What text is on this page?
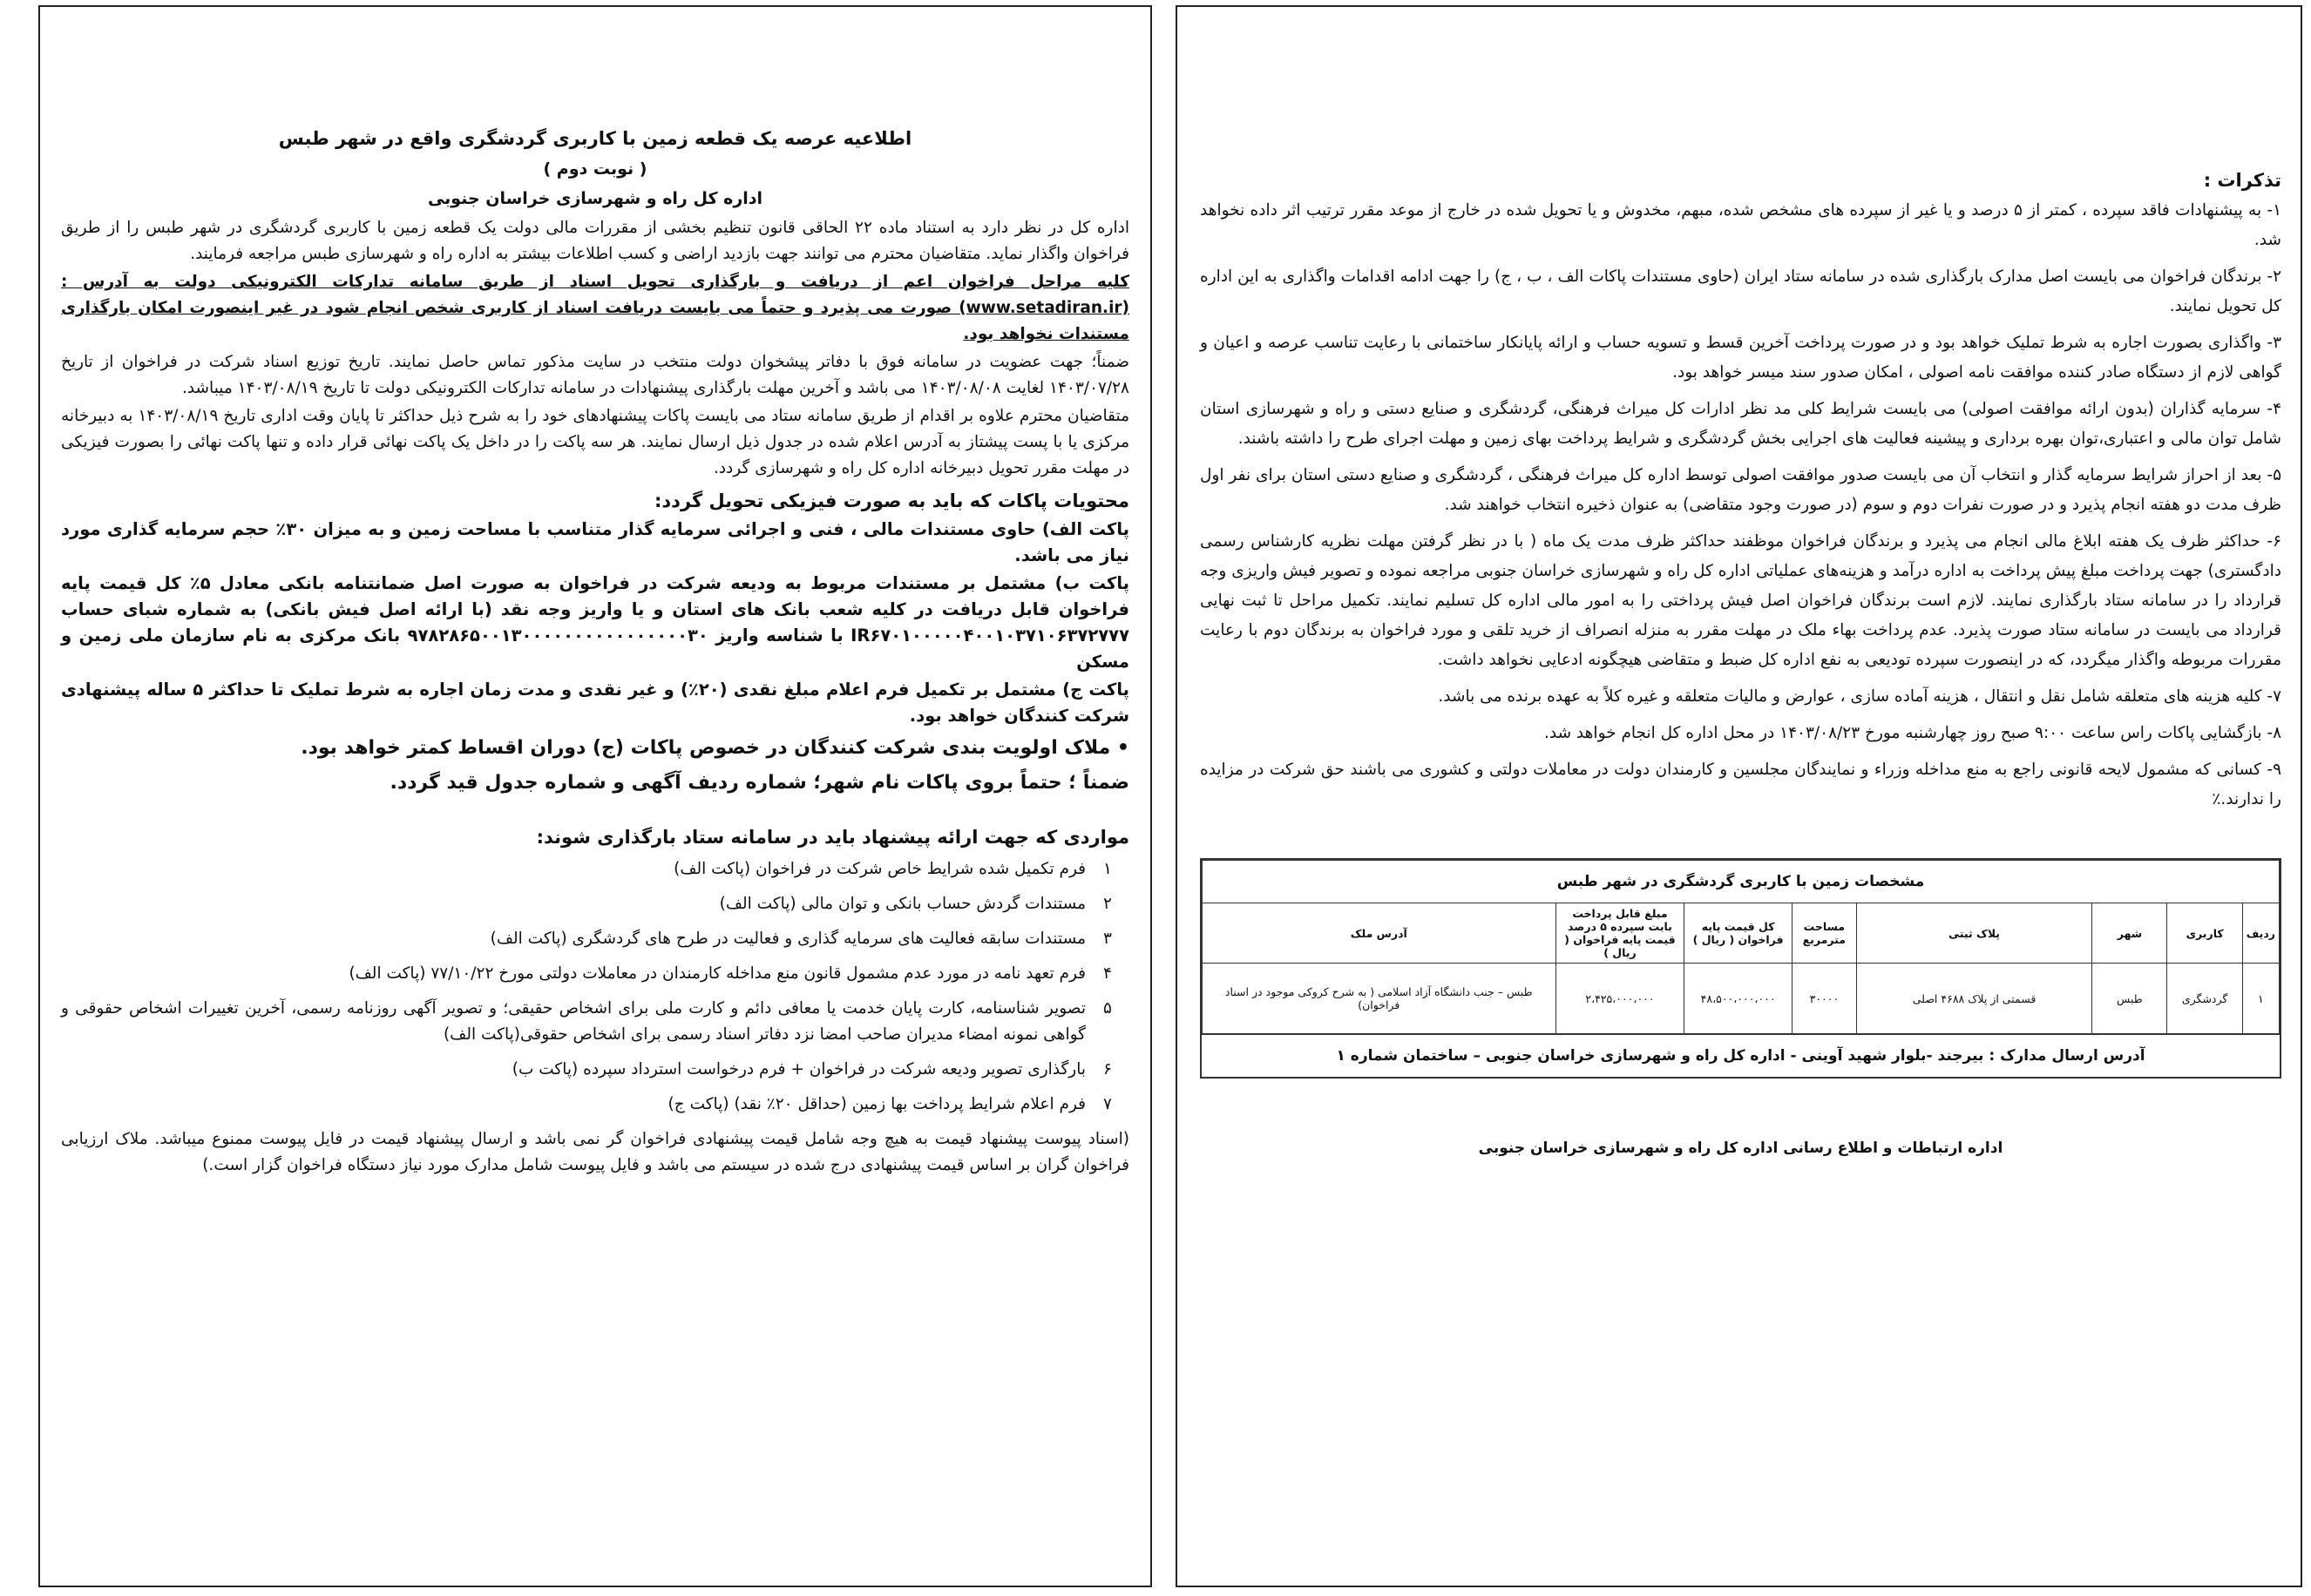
تذکرات :

۱- به پیشنهادات فاقد سپرده ، کمتر از ۵ درصد و یا غیر از سپرده های مشخص شده، مبهم، مخدوش و یا تحویل شده در خارج از موعد مقرر ترتیب اثر داده نخواهد شد.

۲- برندگان فراخوان می بایست اصل مدارک بارگذاری شده در سامانه ستاد ایران (حاوی مستندات پاکات الف ، ب ، ج) را جهت ادامه اقدامات واگذاری به این اداره کل تحویل نمایند.

۳- واگذاری بصورت اجاره به شرط تملیک خواهد بود و در صورت پرداخت آخرین قسط و تسویه حساب و ارائه پایانکار ساختمانی با رعایت تناسب عرصه و اعیان و گواهی لازم از دستگاه صادر کننده موافقت نامه اصولی ، امکان صدور سند میسر خواهد بود.

۴- سرمایه گذاران (بدون ارائه موافقت اصولی) می بایست شرایط کلی مد نظر ادارات کل میراث فرهنگی، گردشگری و صنایع دستی و راه و شهرسازی استان شامل توان مالی و اعتباری،توان بهره برداری و پیشینه فعالیت های اجرایی بخش گردشگری و شرایط پرداخت بهای زمین و مهلت اجرای طرح را داشته باشند.

۵- بعد از احراز شرایط سرمایه گذار و انتخاب آن می بایست صدور موافقت اصولی توسط اداره کل میراث فرهنگی ، گردشگری و صنایع دستی استان برای نفر اول ظرف مدت دو هفته انجام پذیرد و در صورت نفرات دوم و سوم (در صورت وجود متقاضی) به عنوان ذخیره انتخاب خواهند شد.

۶- حداکثر ظرف یک هفته ابلاغ مالی انجام می پذیرد و برندگان فراخوان موظفند حداکثر ظرف مدت یک ماه ( با در نظر گرفتن مهلت نظریه کارشناس رسمی دادگستری) جهت پرداخت مبلغ پیش پرداخت به اداره درآمد و هزینه‌های عملیاتی اداره کل راه و شهرسازی خراسان جنوبی مراجعه نموده و تصویر فیش واریزی وجه قرارداد را در سامانه ستاد بارگذاری نمایند. لازم است برندگان فراخوان اصل فیش پرداختی را به امور مالی اداره کل تسلیم نمایند. تکمیل مراحل تا ثبت نهایی قرارداد می بایست در سامانه ستاد صورت پذیرد. عدم پرداخت بهاء ملک در مهلت مقرر به منزله انصراف از خرید تلقی و مورد فراخوان به برندگان دوم با رعایت مقررات مربوطه واگذار میگردد، که در اینصورت سپرده تودیعی به نفع اداره کل ضبط و متقاضی هیچگونه ادعایی نخواهد داشت.

۷- کلیه هزینه های متعلقه شامل نقل و انتقال ، هزینه آماده سازی ، عوارض و مالیات متعلقه و غیره کلاً به عهده برنده می باشد.

۸- بازگشایی پاکات راس ساعت ۹:۰۰ صبح روز چهارشنبه مورخ ۱۴۰۳/۰۸/۲۳ در محل اداره کل انجام خواهد شد.

۹- کسانی که مشمول لایحه قانونی راجع به منع مداخله وزراء و نمایندگان مجلسین و کارمندان دولت در معاملات دولتی و کشوری می باشند حق شرکت در مزایده را ندارند.٪

مشخصات زمین با کاربری گردشگری در شهر طبس
ردیف	کاربری	شهر	پلاک ثبتی	مساحت مترمربع	کل قیمت پایه فراخوان ( ریال )	مبلغ قابل پرداخت بابت سپرده ۵ درصد قیمت پایه فراخوان ( ریال )	آدرس ملک
۱	گردشگری	طبس	قسمتی از پلاک ۴۶۸۸ اصلی	۳۰۰۰۰	۴۸،۵۰۰،۰۰۰،۰۰۰	۲،۴۲۵،۰۰۰،۰۰۰	طبس – جنب دانشگاه آزاد اسلامی ( به شرح کروکی موجود در اسناد فراخوان)
آدرس ارسال مدارک : بیرجند -بلوار شهید آوینی - اداره کل راه و شهرسازی خراسان جنوبی – ساختمان شماره ۱
اداره ارتباطات و اطلاع رسانی اداره کل راه و شهرسازی خراسان جنوبی
اطلاعیه عرصه یک قطعه زمین با کاربری گردشگری واقع در شهر طبس
( نوبت دوم )
اداره کل راه و شهرسازی خراسان جنوبی

اداره کل در نظر دارد به استناد ماده ۲۲ الحاقی قانون تنظیم بخشی از مقررات مالی دولت یک قطعه زمین با کاربری گردشگری در شهر طبس را از طریق فراخوان واگذار نماید. متقاضیان محترم می توانند جهت بازدید اراضی و کسب اطلاعات بیشتر به اداره راه و شهرسازی طبس مراجعه فرمایند.

کلیه مراحل فراخوان اعم از دریافت و بارگذاری تحویل اسناد از طریق سامانه تدارکات الکترونیکی دولت به آدرس : (www.setadiran.ir) صورت می پذیرد و حتماً می بایست دریافت اسناد از کاربری شخص انجام شود در غیر اینصورت امکان بارگذاری مستندات نخواهد بود.

ضمناً؛ جهت عضویت در سامانه فوق با دفاتر پیشخوان دولت منتخب در سایت مذکور تماس حاصل نمایند. تاریخ توزیع اسناد شرکت در فراخوان از تاریخ ۱۴۰۳/۰۷/۲۸ لغایت ۱۴۰۳/۰۸/۰۸ می باشد و آخرین مهلت بارگذاری پیشنهادات در سامانه تدارکات الکترونیکی دولت تا تاریخ ۱۴۰۳/۰۸/۱۹ میباشد.

متقاضیان محترم علاوه بر اقدام از طریق سامانه ستاد می بایست پاکات پیشنهادهای خود را به شرح ذیل حداکثر تا پایان وقت اداری تاریخ ۱۴۰۳/۰۸/۱۹ به دبیرخانه مرکزی یا با پست پیشتاز به آدرس اعلام شده در جدول ذیل ارسال نمایند. هر سه پاکت را در داخل یک پاکت نهائی قرار داده و تنها پاکت نهائی را بصورت فیزیکی در مهلت مقرر تحویل دبیرخانه اداره کل راه و شهرسازی گردد.

محتویات پاکات که باید به صورت فیزیکی تحویل گردد:

پاکت الف) حاوی مستندات مالی ، فنی و اجرائی سرمایه گذار متناسب با مساحت زمین و به میزان ۳۰٪ حجم سرمایه گذاری مورد نیاز می باشد.

پاکت ب) مشتمل بر مستندات مربوط به ودیعه شرکت در فراخوان به صورت اصل ضمانتنامه بانکی معادل ۵٪ کل قیمت پایه فراخوان قابل دریافت در کلیه شعب بانک های استان و یا واریز وجه نقد (با ارائه اصل فیش بانکی) به شماره شبای حساب IR۶۷۰۱۰۰۰۰۰۴۰۰۱۰۳۷۱۰۶۳۷۲۷۷۷ با شناسه واریز ۹۷۸۲۸۶۵۰۰۱۳۰۰۰۰۰۰۰۰۰۰۰۰۰۰۰۰۳۰ بانک مرکزی به نام سازمان ملی زمین و مسکن

پاکت ج) مشتمل بر تکمیل فرم اعلام مبلغ نقدی (۲۰٪) و غیر نقدی و مدت زمان اجاره به شرط تملیک تا حداکثر ۵ ساله پیشنهادی شرکت کنندگان خواهد بود.

• ملاک اولویت بندی شرکت کنندگان در خصوص پاکات (ج) دوران اقساط کمتر خواهد بود.
ضمناً ؛ حتماً بروی پاکات نام شهر؛ شماره ردیف آگهی و شماره جدول قید گردد.
مواردی که جهت ارائه پیشنهاد باید در سامانه ستاد بارگذاری شوند:
۱
فرم تکمیل شده شرایط خاص شرکت در فراخوان (پاکت الف)
۲
مستندات گردش حساب بانکی و توان مالی (پاکت الف)
۳
مستندات سابقه فعالیت های سرمایه گذاری و فعالیت در طرح های گردشگری (پاکت الف)
۴
فرم تعهد نامه در مورد عدم مشمول قانون منع مداخله کارمندان در معاملات دولتی مورخ ۷۷/۱۰/۲۲ (پاکت الف)
۵
تصویر شناسنامه، کارت پایان خدمت یا معافی دائم و کارت ملی برای اشخاص حقیقی؛ و تصویر آگهی روزنامه رسمی، آخرین تغییرات اشخاص حقوقی و گواهی نمونه امضاء مدیران صاحب امضا نزد دفاتر اسناد رسمی برای اشخاص حقوقی(پاکت الف)
۶
بارگذاری تصویر ودیعه شرکت در فراخوان + فرم درخواست استرداد سپرده (پاکت ب)
۷
فرم اعلام شرایط پرداخت بها زمین (حداقل ۲۰٪ نقد) (پاکت ج)

(اسناد پیوست پیشنهاد قیمت به هیچ وجه شامل قیمت پیشنهادی فراخوان گر نمی باشد و ارسال پیشنهاد قیمت در فایل پیوست ممنوع میباشد. ملاک ارزیابی فراخوان گران بر اساس قیمت پیشنهادی درج شده در سیستم می باشد و فایل پیوست شامل مدارک مورد نیاز دستگاه فراخوان گزار است.)
